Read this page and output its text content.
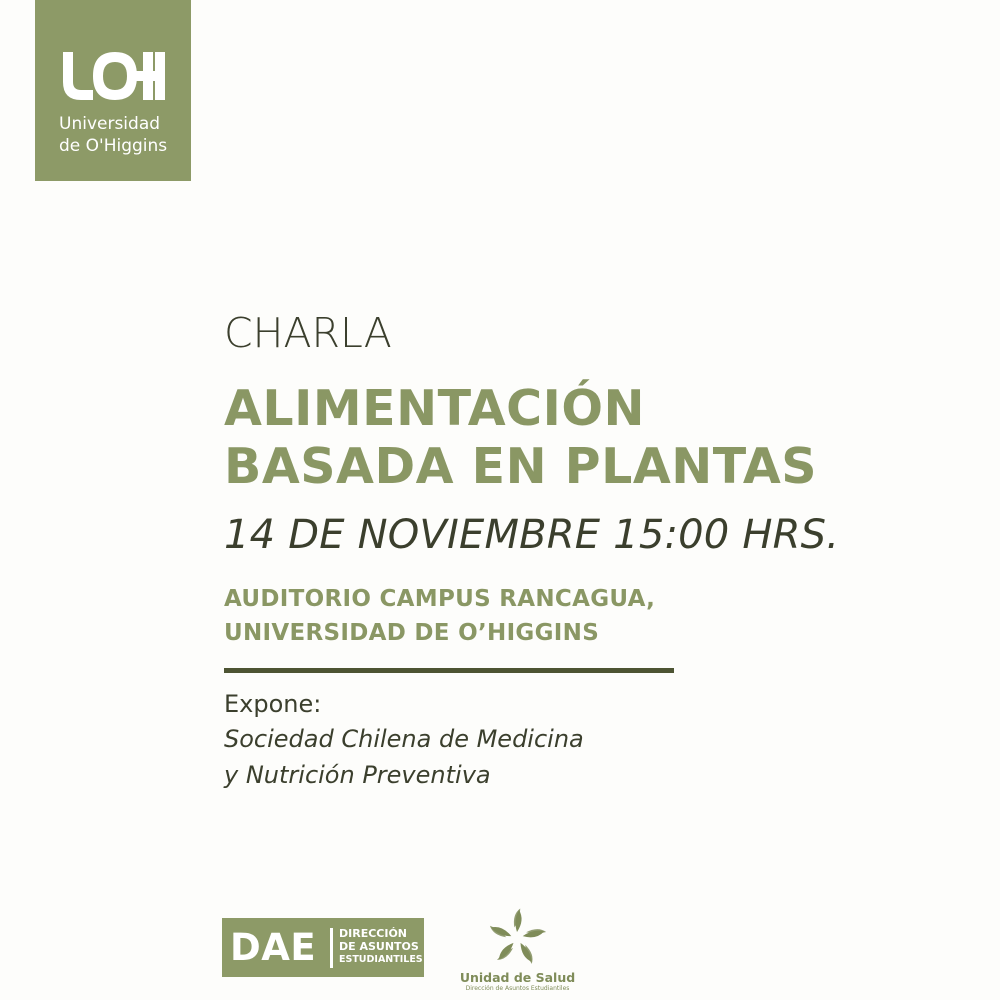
Universidad
de O'Higgins
CHARLA
ALIMENTACIÓN
BASADA EN PLANTAS
14 DE NOVIEMBRE 15:00 HRS.
AUDITORIO CAMPUS RANCAGUA,
UNIVERSIDAD DE O’HIGGINS
Expone:
Sociedad Chilena de Medicina
y Nutrición Preventiva
DAE DIRECCIÓN
DE ASUNTOS
ESTUDIANTILES
Unidad de Salud
Dirección de Asuntos Estudiantiles
